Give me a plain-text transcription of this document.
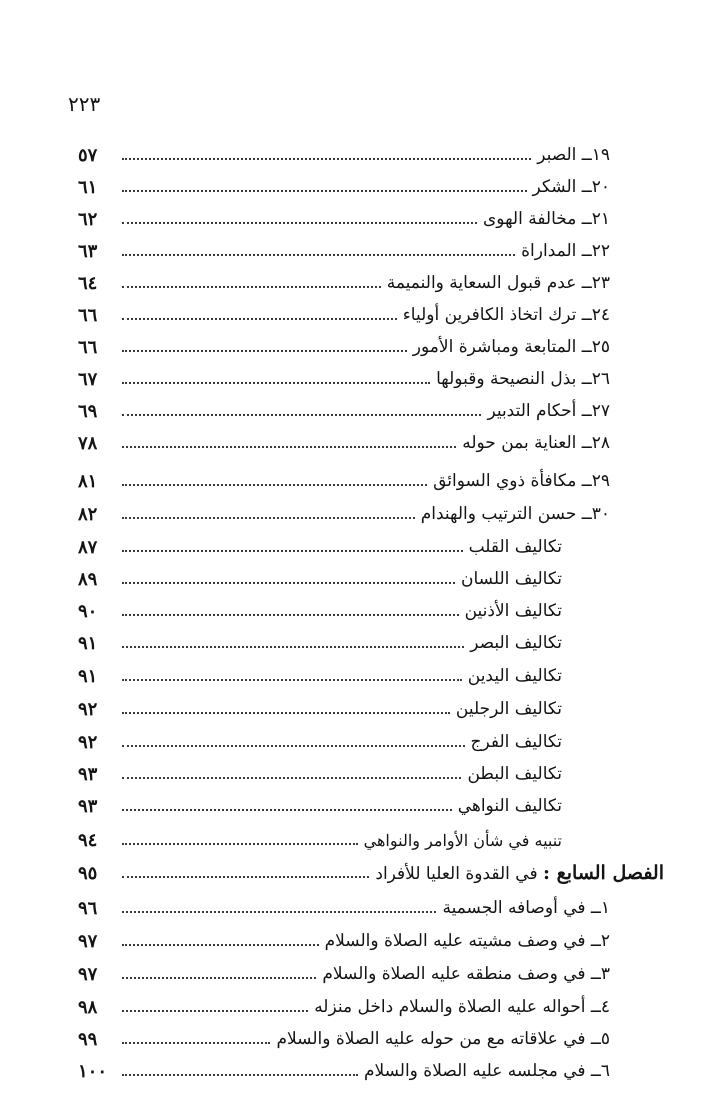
٢٢٣
١٩ــ الصبر
٥٧
٢٠ــ الشكر
٦١
٢١ــ مخالفة الهوى
٦٢
٢٢ــ المداراة
٦٣
٢٣ــ عدم قبول السعاية والنميمة
٦٤
٢٤ــ ترك اتخاذ الكافرين أولياء
٦٦
٢٥ــ المتابعة ومباشرة الأمور
٦٦
٢٦ــ بذل النصيحة وقبولها
٦٧
٢٧ــ أحكام التدبير
٦٩
٢٨ــ العناية بمن حوله
٧٨
٢٩ــ مكافأة ذوي السوائق
٨١
٣٠ــ حسن الترتيب والهندام
٨٢
تكاليف القلب
٨٧
تكاليف اللسان
٨٩
تكاليف الأذنين
٩٠
تكاليف البصر
٩١
تكاليف اليدين
٩١
تكاليف الرجلين
٩٢
تكاليف الفرج
٩٢
تكاليف البطن
٩٣
تكاليف النواهي
٩٣
تنبيه في شأن الأوامر والنواهي
٩٤
الفصل السابع : في القدوة العليا للأفراد
٩٥
١ــ في أوصافه الجسمية
٩٦
٢ــ في وصف مشيته عليه الصلاة والسلام
٩٧
٣ــ في وصف منطقه عليه الصلاة والسلام
٩٧
٤ــ أحواله عليه الصلاة والسلام داخل منزله
٩٨
٥ــ في علاقاته مع من حوله عليه الصلاة والسلام
٩٩
٦ــ في مجلسه عليه الصلاة والسلام
١٠٠
